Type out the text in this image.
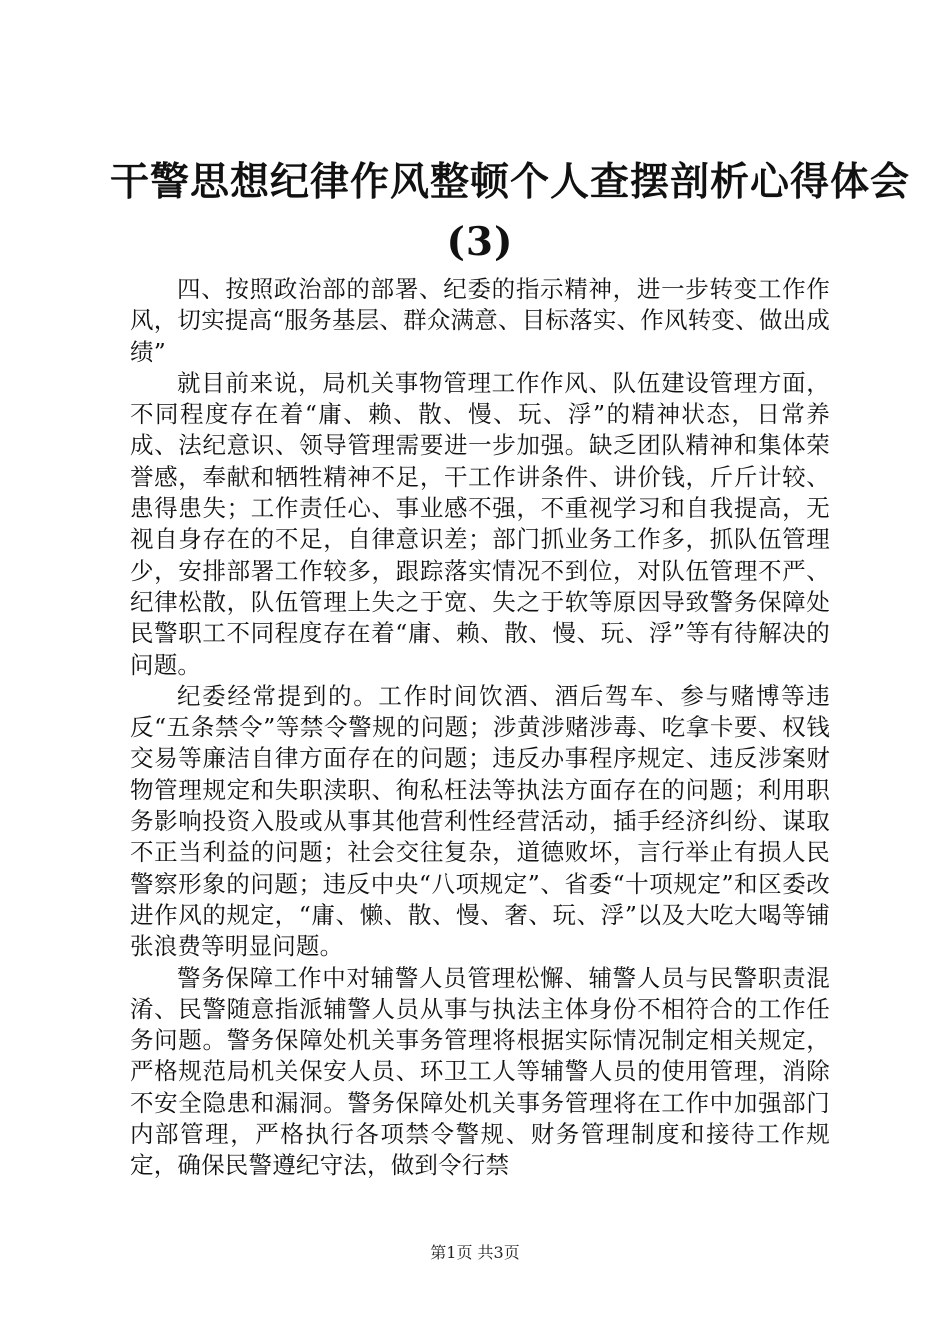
干警思想纪律作风整顿个人查摆剖析心得体会
(3)

四、按照政治部的部署、纪委的指示精神，进一步转变工作作风，切实提高“服务基层、群众满意、目标落实、作风转变、做出成绩”

就目前来说，局机关事物管理工作作风、队伍建设管理方面，不同程度存在着“庸、赖、散、慢、玩、浮”的精神状态，日常养成、法纪意识、领导管理需要进一步加强。缺乏团队精神和集体荣誉感，奉献和牺牲精神不足，干工作讲条件、讲价钱，斤斤计较、患得患失；工作责任心、事业感不强，不重视学习和自我提高，无视自身存在的不足，自律意识差；部门抓业务工作多，抓队伍管理少，安排部署工作较多，跟踪落实情况不到位，对队伍管理不严、纪律松散，队伍管理上失之于宽、失之于软等原因导致警务保障处民警职工不同程度存在着“庸、赖、散、慢、玩、浮”等有待解决的问题。

纪委经常提到的。工作时间饮酒、酒后驾车、参与赌博等违反“五条禁令”等禁令警规的问题；涉黄涉赌涉毒、吃拿卡要、权钱交易等廉洁自律方面存在的问题；违反办事程序规定、违反涉案财物管理规定和失职渎职、徇私枉法等执法方面存在的问题；利用职务影响投资入股或从事其他营利性经营活动，插手经济纠纷、谋取不正当利益的问题；社会交往复杂，道德败坏，言行举止有损人民警察形象的问题；违反中央“八项规定”、省委“十项规定”和区委改进作风的规定，“庸、懒、散、慢、奢、玩、浮”以及大吃大喝等铺张浪费等明显问题。

警务保障工作中对辅警人员管理松懈、辅警人员与民警职责混淆、民警随意指派辅警人员从事与执法主体身份不相符合的工作任务问题。警务保障处机关事务管理将根据实际情况制定相关规定，严格规范局机关保安人员、环卫工人等辅警人员的使用管理，消除不安全隐患和漏洞。警务保障处机关事务管理将在工作中加强部门内部管理，严格执行各项禁令警规、财务管理制度和接待工作规定，确保民警遵纪守法，做到令行禁

第1页 共3页
